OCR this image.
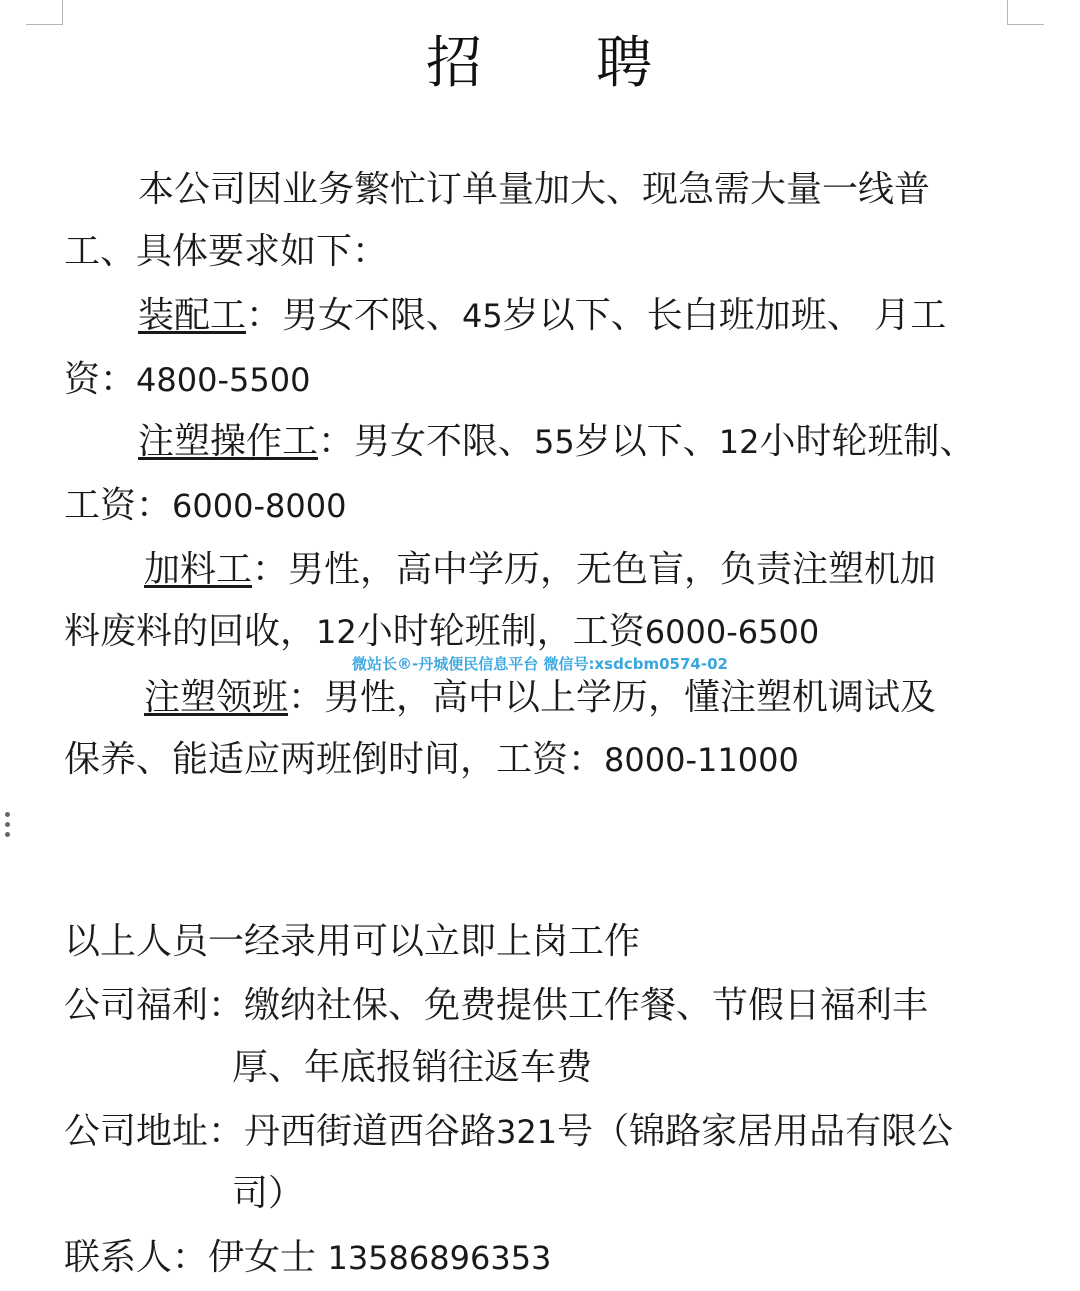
招 聘
本公司因业务繁忙订单量加大、现急需大量一线普
工、具体要求如下：
装配工：男女不限、45岁以下、长白班加班、 月工
资：4800-5500
注塑操作工：男女不限、55岁以下、12小时轮班制、
工资：6000-8000
加料工：男性，高中学历，无色盲，负责注塑机加
料废料的回收，12小时轮班制，工资6000-6500
微站长®-丹城便民信息平台 微信号:xsdcbm0574-02
注塑领班：男性，高中以上学历，懂注塑机调试及
保养、能适应两班倒时间，工资：8000-11000
以上人员一经录用可以立即上岗工作
公司福利：缴纳社保、免费提供工作餐、节假日福利丰
厚、年底报销往返车费
公司地址：丹西街道西谷路321号（锦路家居用品有限公
司）
联系人：伊女士 13586896353
